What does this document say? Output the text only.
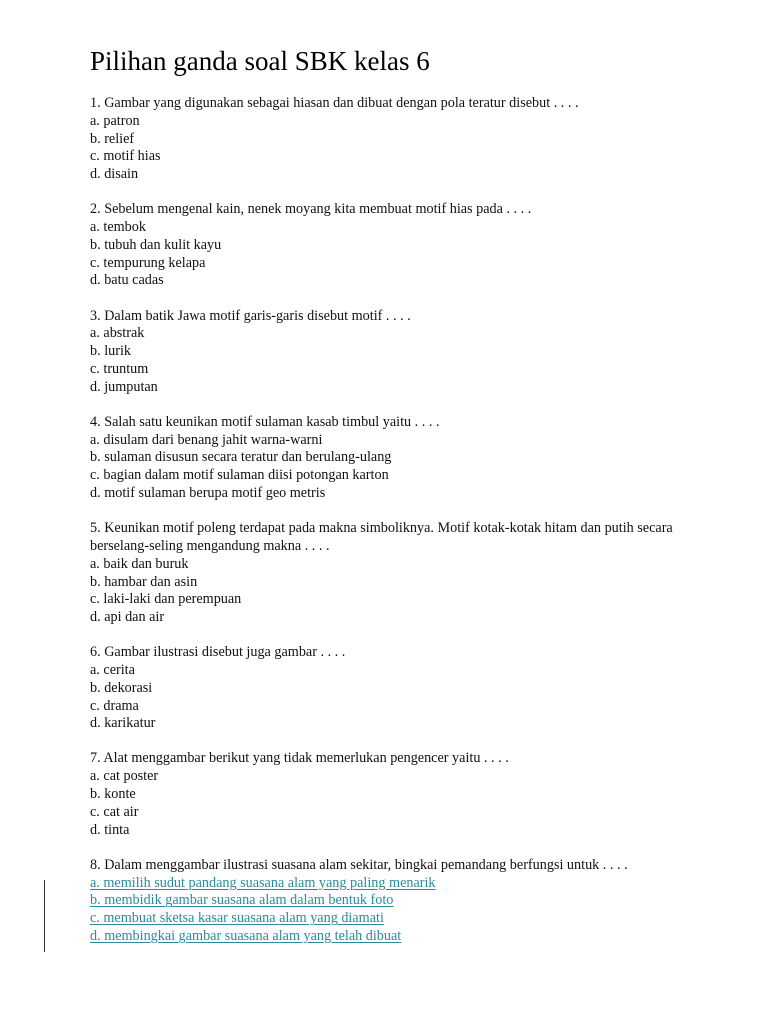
Pilihan ganda soal SBK kelas 6
1. Gambar yang digunakan sebagai hiasan dan dibuat dengan pola teratur disebut . . . .
a. patron
b. relief
c. motif hias
d. disain
2. Sebelum mengenal kain, nenek moyang kita membuat motif hias pada . . . .
a. tembok
b. tubuh dan kulit kayu
c. tempurung kelapa
d. batu cadas
3. Dalam batik Jawa motif garis-garis disebut motif . . . .
a. abstrak
b. lurik
c. truntum
d. jumputan
4. Salah satu keunikan motif sulaman kasab timbul yaitu . . . .
a. disulam dari benang jahit warna-warni
b. sulaman disusun secara teratur dan berulang-ulang
c. bagian dalam motif sulaman diisi potongan karton
d. motif sulaman berupa motif geo metris
5. Keunikan motif poleng terdapat pada makna simboliknya. Motif kotak-kotak hitam dan putih secara
berselang-seling mengandung makna . . . .
a. baik dan buruk
b. hambar dan asin
c. laki-laki dan perempuan
d. api dan air
6. Gambar ilustrasi disebut juga gambar . . . .
a. cerita
b. dekorasi
c. drama
d. karikatur
7. Alat menggambar berikut yang tidak memerlukan pengencer yaitu . . . .
a. cat poster
b. konte
c. cat air
d. tinta
8. Dalam menggambar ilustrasi suasana alam sekitar, bingkai pemandang berfungsi untuk . . . .
a. memilih sudut pandang suasana alam yang paling menarik
b. membidik gambar suasana alam dalam bentuk foto
c. membuat sketsa kasar suasana alam yang diamati
d. membingkai gambar suasana alam yang telah dibuat
